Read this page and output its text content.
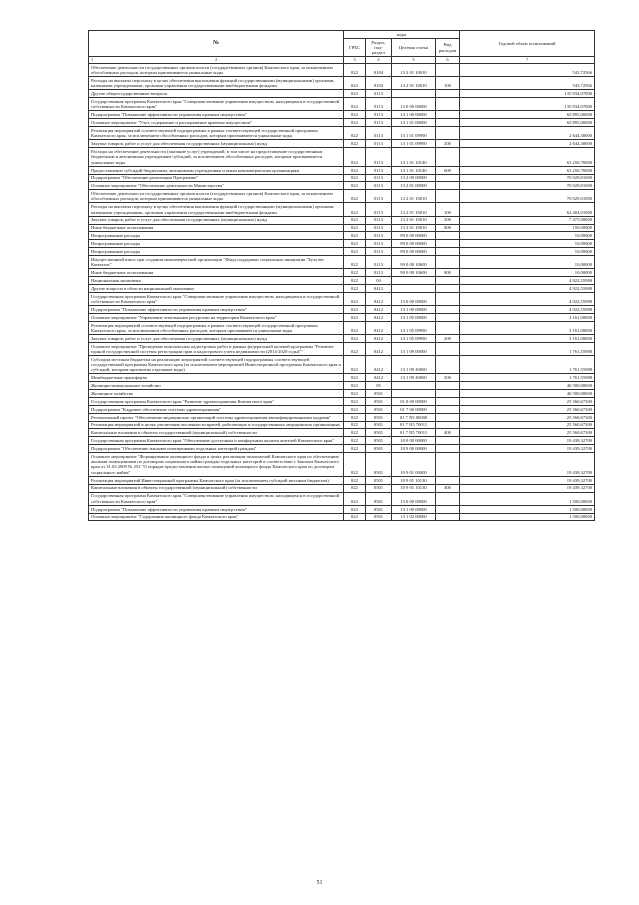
№	коды				Годовой объем ассигнований
	ГРБС	Раздел, под-раздел	Целевая статья	Вид расходов	

1 2	3	4	5	6	7
Обеспечение деятельности государственных органов власти (государственных органов) Камчатского края, за исключением обособленных расходов, которым присваиваются уникальные коды	822	0104	13 2 01 10010		543,72566
Расходы на выплаты персоналу в целях обеспечения выполнения функций государственными (муниципальными) органами, казенными учреждениями, органами управления государственными внебюджетными фондами	822	0104	13 2 01 10010	100	543,72566
Другие общегосударственные вопросы	822	0113			135 934,07000
Государственная программа Камчатского края "Совершенствование управления имуществом, находящимся в государственной собственности Камчатского края"	822	0113	13 0 00 00000		135 934,07000
Подпрограмма "Повышение эффективности управления краевым имуществом"	822	0113	13 1 00 00000		65 895,06000
Основное мероприятие "Учет, содержание и распоряжение краевым имуществом"	822	0113	13 1 01 00000		65 895,06000
Реализация мероприятий соответствующей подпрограммы в рамках соответствующей государственной программы Камчатского края, за исключением обособленных расходов, которым присваиваются уникальные коды	822	0113	13 1 01 09990		2 644,30000
Закупка товаров, работ и услуг для обеспечения государственных (муниципальных) нужд	822	0113	13 1 01 09990	200	2 644,30000
Расходы на обеспечение деятельности (оказание услуг) учреждений, в том числе на предоставление государственным бюджетным и автономным учреждениям субсидий, за исключением обособленных расходов, которым присваиваются уникальные коды	822	0113	13 1 01 10140		63 250,76000
Предоставление субсидий бюджетным, автономным учреждениям и иным некоммерческим организациям	822	0113	13 1 01 10140	600	63 250,76000
Подпрограмма "Обеспечение реализации Программы"	822	0113	13 2 00 00000		70 029,01000
Основное мероприятие "Обеспечение деятельности Министерства"	822	0113	13 2 01 00000		70 029,01000
Обеспечение деятельности государственных органов власти (государственных органов) Камчатского края, за исключением обособленных расходов, которым присваиваются уникальные коды	822	0113	13 2 01 10010		70 029,01000
Расходы на выплаты персоналу в целях обеспечения выполнения функций государственными (муниципальными) органами, казенными учреждениями, органами управления государственными внебюджетными фондами	822	0113	13 2 01 10010	100	62 404,01000
Закупка товаров, работ и услуг для обеспечения государственных (муниципальных) нужд	822	0113	13 2 01 10010	200	7 475,00000
Иные бюджетные ассигнования	822	0113	13 2 01 10010	800	150,00000
Непрограммные расходы	822	0113	99 0 00 00000		10,00000
Непрограммные расходы	822	0113	99 0 00 00000		10,00000
Непрограммные расходы	822	0113	99 0 00 00000		10,00000
Имущественный взнос при создании некоммерческой организации "Фонд поддержки социальных инициатив "Бухучет Камчаток"	822	0113	99 0 00 10600		10,00000
Иные бюджетные ассигнования	822	0113	99 0 00 10600	800	10,00000
Национальная экономика	822	04			4 922,55988
Другие вопросы в области национальной экономики	822	0412			4 922,55988
Государственная программа Камчатского края "Совершенствование управления имуществом, находящимся в государственной собственности Камчатского края"	822	0412	13 0 00 00000		4 922,55988
Подпрограмма "Повышение эффективности управления краевым имуществом"	822	0412	13 1 00 00000		4 922,55988
Основное мероприятие "Управление земельными ресурсами на территории Камчатского края"	822	0412	13 1 05 00000		3 161,00000
Реализация мероприятий соответствующей подпрограммы в рамках соответствующей государственной программы Камчатского края, за исключением обособленных расходов, которым присваиваются уникальные коды	822	0412	13 1 05 09990		3 161,00000
Закупка товаров, работ и услуг для обеспечения государственных (муниципальных) нужд	822	0412	13 1 05 09990	200	3 161,00000
Основное мероприятие "Проведение комплексных кадастровых работ в рамках федеральной целевой программы "Развитие единой государственной системы регистрации прав и кадастрового учета недвижимости (2014-2020 годы)""	822	0412	13 1 09 00000		1 761,55988
Субсидии местным бюджетам на реализацию мероприятий соответствующей подпрограммы соответствующей государственной программы Камчатского края (за исключением мероприятий Инвестиционной программы Камчатского края и субсидий, которым присвоены отдельные коды)	822	0412	13 1 09 40060		1 761,55988
Межбюджетные трансферты	822	0412	13 1 09 40060	500	1 761,55988
Жилищно-коммунальное хозяйство	822	05			46 500,00000
Жилищное хозяйство	822	0501			46 500,00000
Государственная программа Камчатского края "Развитие здравоохранения Камчатского края"	822	0501	01 0 00 00000		25 560,67300
Подпрограмма "Кадровое обеспечение системы здравоохранения"	822	0501	01 7 00 00000		25 560,67300
Региональный проект "Обеспечение медицинских организаций системы здравоохранения квалифицированными кадрами"	822	0501	01 7 N5 00000		25 560,67300
Реализация мероприятий в целях увеличения численности врачей, работающих в государственных медицинских организациях	822	0501	01 7 N5 70011		25 560,67300
Капитальные вложения в объекты государственной (муниципальной) собственности	822	0501	01 7 N5 70011	400	25 560,67300
Государственная программа Камчатского края "Обеспечение доступным и комфортным жильем жителей Камчатского края"	822	0501	10 0 00 00000		19 439,32700
Подпрограмма "Обеспечение жилыми помещениями отдельных категорий граждан"	822	0501	10 9 00 00000		19 439,32700
Основное мероприятие "Формирование жилищного фонда в целях реализации полномочий Камчатского края по обеспечению жилыми помещениями по договорам социального найма граждан отдельных категорий в соответствии с Законом Камчатского края от 31.03.2009 № 253 "О порядке предоставления жилых помещений жилищного фонда Камчатского края по договорам социального найма"	822	0501	10 9 01 00000		19 439,32700
Реализация мероприятий Инвестиционной программы Камчатского края (за исключением субсидий местным бюджетам)	822	0501	10 9 01 10130		19 439,32700
Капитальные вложения в объекты государственной (муниципальной) собственности	822	0501	10 9 01 10130	400	19 439,32700
Государственная программа Камчатского края "Совершенствование управления имуществом, находящимся в государственной собственности Камчатского края"	822	0501	13 0 00 00000		1 500,00000
Подпрограмма "Повышение эффективности управления краевым имуществом"	822	0501	13 1 00 00000		1 500,00000
Основное мероприятие "Содержание жилищного фонда Камчатского края"	822	0501	13 1 02 00000		1 500,00000
51
